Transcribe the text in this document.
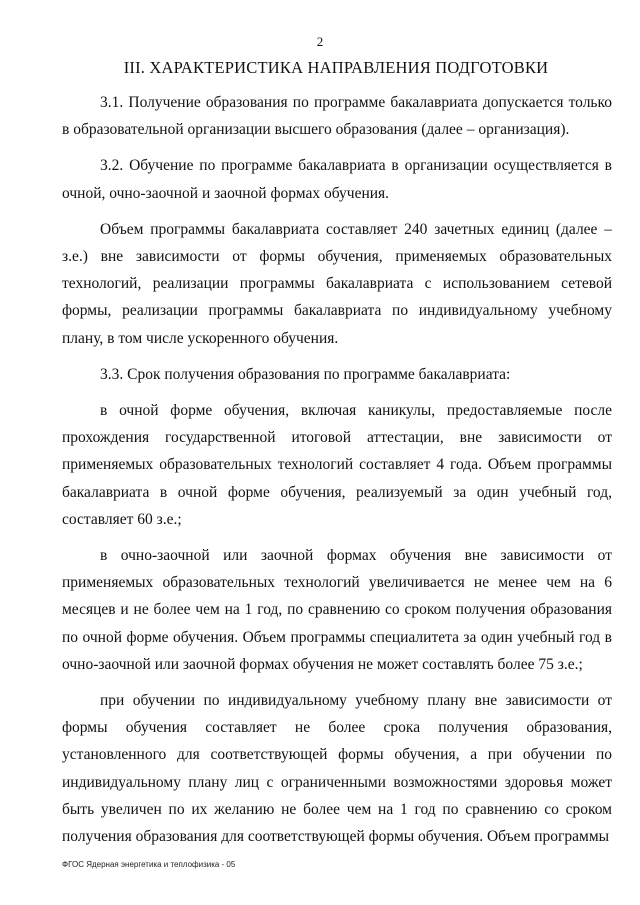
2
III. ХАРАКТЕРИСТИКА НАПРАВЛЕНИЯ ПОДГОТОВКИ

3.1. Получение образования по программе бакалавриата допускается только в образовательной организации высшего образования (далее – организация).

3.2. Обучение по программе бакалавриата в организации осуществляется в очной, очно-заочной и заочной формах обучения.

Объем программы бакалавриата составляет 240 зачетных единиц (далее – з.е.) вне зависимости от формы обучения, применяемых образовательных технологий, реализации программы бакалавриата с использованием сетевой формы, реализации программы бакалавриата по индивидуальному учебному плану, в том числе ускоренного обучения.

3.3. Срок получения образования по программе бакалавриата:

в очной форме обучения, включая каникулы, предоставляемые после прохождения государственной итоговой аттестации, вне зависимости от применяемых образовательных технологий составляет 4 года. Объем программы бакалавриата в очной форме обучения, реализуемый за один учебный год, составляет 60 з.е.;

в очно-заочной или заочной формах обучения вне зависимости от применяемых образовательных технологий увеличивается не менее чем на 6 месяцев и не более чем на 1 год, по сравнению со сроком получения образования по очной форме обучения. Объем программы специалитета за один учебный год в очно-заочной или заочной формах обучения не может составлять более 75 з.е.;

при обучении по индивидуальному учебному плану вне зависимости от формы обучения составляет не более срока получения образования, установленного для соответствующей формы обучения, а при обучении по индивидуальному плану лиц с ограниченными возможностями здоровья может быть увеличен по их желанию не более чем на 1 год по сравнению со сроком получения образования для соответствующей формы обучения. Объем программы

ФГОС Ядерная энергетика и теплофизика - 05
